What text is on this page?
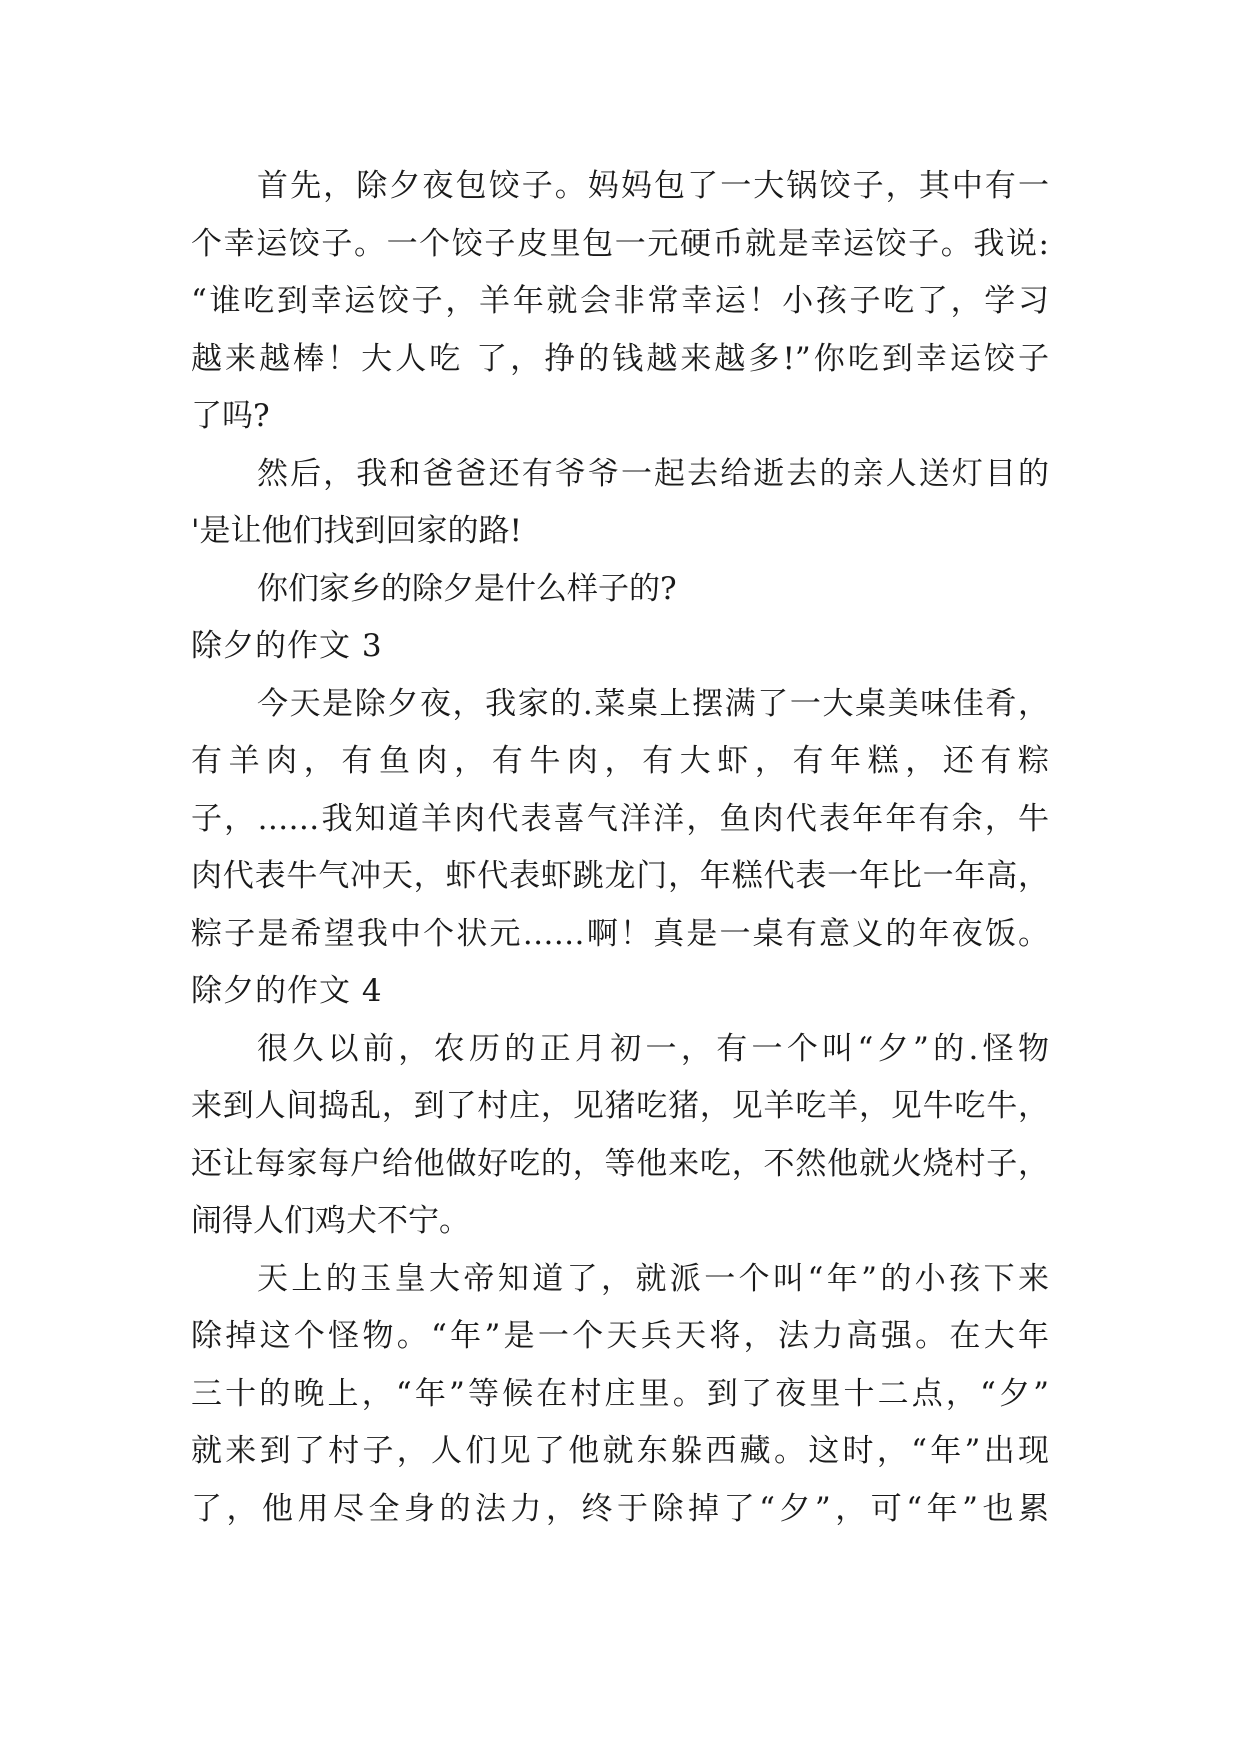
首先，除夕夜包饺子。妈妈包了一大锅饺子，其中有一
个幸运饺子。一个饺子皮里包一元硬币就是幸运饺子。我说:
“谁吃到幸运饺子，羊年就会非常幸运！小孩子吃了，学习
越来越棒！大人吃 了，挣的钱越来越多!”你吃到幸运饺子
了吗?
然后，我和爸爸还有爷爷一起去给逝去的亲人送灯目的
'是让他们找到回家的路!
你们家乡的除夕是什么样子的?
除夕的作文 3
今天是除夕夜，我家的.菜桌上摆满了一大桌美味佳肴，
有羊肉，有鱼肉，有牛肉，有大虾，有年糕，还有粽
子，……我知道羊肉代表喜气洋洋，鱼肉代表年年有余，牛
肉代表牛气冲天，虾代表虾跳龙门，年糕代表一年比一年高，
粽子是希望我中个状元……啊！真是一桌有意义的年夜饭。
除夕的作文 4
很久以前，农历的正月初一，有一个叫“夕”的.怪物
来到人间捣乱，到了村庄，见猪吃猪，见羊吃羊，见牛吃牛，
还让每家每户给他做好吃的，等他来吃，不然他就火烧村子，
闹得人们鸡犬不宁。
天上的玉皇大帝知道了，就派一个叫“年”的小孩下来
除掉这个怪物。“年”是一个天兵天将，法力高强。在大年
三十的晚上，“年”等候在村庄里。到了夜里十二点，“夕”
就来到了村子，人们见了他就东躲西藏。这时，“年”出现
了，他用尽全身的法力，终于除掉了“夕”，可“年”也累
